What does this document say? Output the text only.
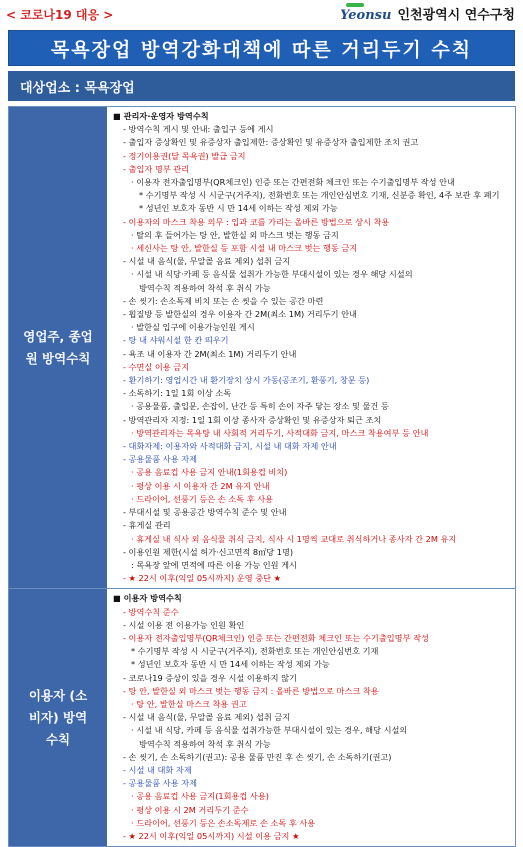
< 코로나19 대응 >	Yeonsu 인천광역시 연수구청
목욕장업 방역강화대책에 따른 거리두기 수칙
대상업소 : 목욕장업
영업주, 종업원 방역수칙
■ 관리자·운영자 방역수칙
- 방역수칙 게시 및 안내: 출입구 등에 게시
- 출입자 증상확인 및 유증상자 출입제한: 증상확인 및 유증상자 출입제한 조치 권고
- 정기이용권(달 목욕권) 발급 금지
- 출입자 명부 관리
· 이용자 전자출입명부(QR체크인) 인증 또는 간편전화 체크인 또는 수기출입명부 작성 안내
* 수기명부 작성 시 시군구(거주지), 전화번호 또는 개인안심번호 기재, 신분증 확인, 4주 보관 후 폐기
* 성년인 보호자 동반 시 만 14세 이하는 작성 제외 가능
- 이용자의 마스크 착용 의무 : 입과 코를 가리는 올바른 방법으로 상시 착용
· 탈의 후 들어가는 탕 안, 발한실 외 마스크 벗는 행동 금지
· 세신사는 탕 안, 발한실 등 포함 시설 내 마스크 벗는 행동 금지
- 시설 내 음식(물, 무알콜 음료 제외) 섭취 금지
· 시설 내 식당·카페 등 음식물 섭취가 가능한 부대시설이 있는 경우 해당 시설의
방역수칙 적용하여 착석 후 취식 가능
- 손 씻기: 손소독제 비치 또는 손 씻을 수 있는 공간 마련
- 휩질방 등 발한실의 경우 이용자 간 2M(최소 1M) 거리두기 안내
· 발한실 입구에 이용가능인원 게시
- 탕 내 샤워시설 한 칸 띄우기
- 욕조 내 이용자 간 2M(최소 1M) 거리두기 안내
- 수면실 이용 금지
- 환기하기: 영업시간 내 환기장치 상시 가동(공조기, 환풍기, 창문 등)
- 소독하기: 1일 1회 이상 소독
· 공용물품, 출입문, 손잡이, 난간 등 특히 손이 자주 닿는 장소 및 물건 등
- 방역관리자 지정: 1일 1회 이상 종사자 증상확인 및 유증상자 퇴근 조치
· 방역관리자는 목욕탕 내 사회적 거리두기, 사적대화 금지, 마스크 착용여부 등 안내
- 대화자제: 이용자와 사적대화 금지, 시설 내 대화 자제 안내
- 공용물품 사용 자제
· 공용 음료컵 사용 금지 안내(1회용컵 비치)
· 평상 이용 시 이용자 간 2M 유지 안내
· 드라이어, 선풍기 등은 손 소독 후 사용
- 부대시설 및 공용공간 방역수칙 준수 및 안내
- 휴게실 관리
· 휴게실 내 식사 외 음식물 취식 금지, 식사 시 1명씩 교대로 취식하거나 종사자 간 2M 유지
- 이용인원 제한(시설 허가·신고면적 8㎡당 1명)
: 목욕장 앞에 면적에 따른 이용 가능 인원 게시
- ★ 22시 이후(익일 05시까지) 운영 중단 ★
이용자 (소비자) 방역수칙
■ 이용자 방역수칙
- 방역수칙 준수
- 시설 이용 전 이용가능 인원 확인
- 이용자 전자출입명부(QR체크인) 인증 또는 간편전화 체크인 또는 수기출입명부 작성
* 수기명부 작성 시 시군구(거주지), 전화번호 또는 개인안심번호 기재
* 성년인 보호자 동반 시 만 14세 이하는 작성 제외 가능
- 코로나19 증상이 있을 경우 시설 이용하지 않기
- 탕 안, 발한실 외 마스크 벗는 행동 금지 : 올바른 방법으로 마스크 착용
· 탕 안, 발한실 마스크 착용 권고
- 시설 내 음식(물, 무알콜 음료 제외) 섭취 금지
· 시설 내 식당, 카페 등 음식물 섭취가능한 부대시설이 있는 경우, 해당 시설의
방역수칙 적용하여 착석 후 취식 가능
- 손 씻기, 손 소독하기(권고): 공용 물품 만진 후 손 씻기, 손 소독하기(권고)
- 시설 내 대화 자제
- 공용물품 사용 자제
· 공용 음료컵 사용 금지(1회용컵 사용)
· 평상 이용 시 2M 거리두기 준수
· 드라이어, 선풍기 등은 손소독제로 손 소독 후 사용
- ★ 22시 이후(익일 05시까지) 시설 이용 금지 ★
